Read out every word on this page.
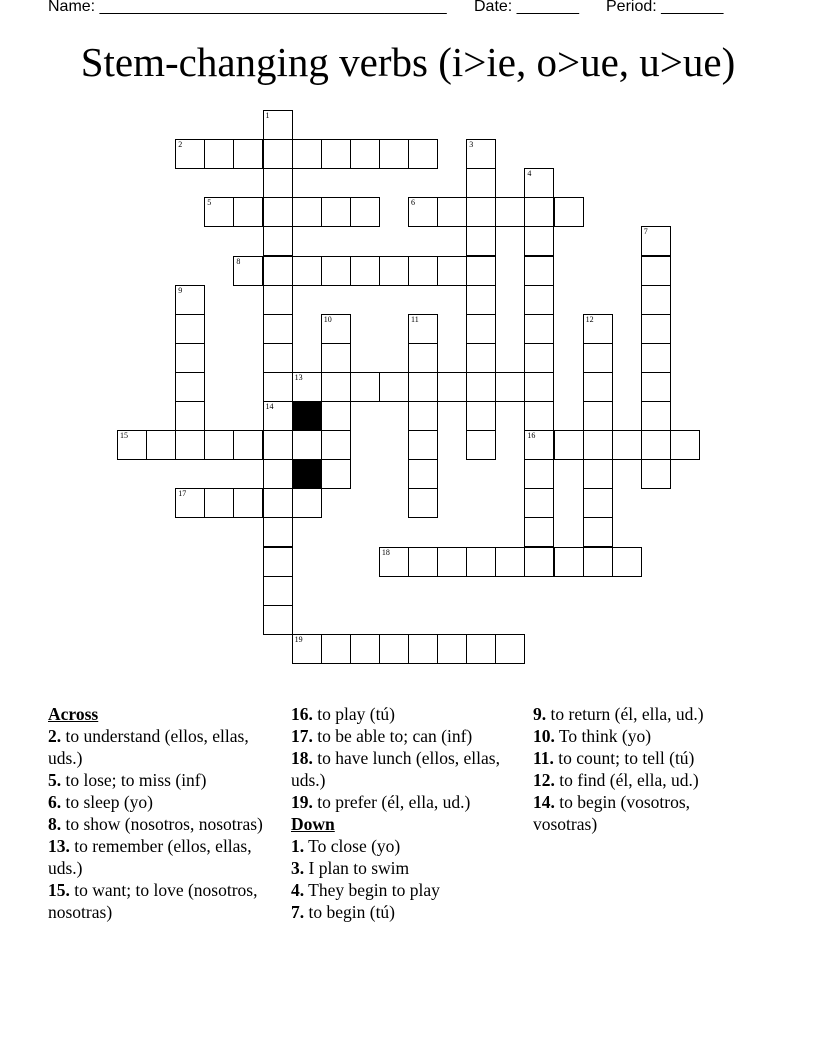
Name: _______________________________________ Date: _______ Period: _______
Stem-changing verbs (i>ie, o>ue, u>ue)
1
14
2	3
4
16
5	6
7
8
9
10	11	12
13
15
17
18
19
Across
2. to understand (ellos, ellas, uds.)
5. to lose; to miss (inf)
6. to sleep (yo)
8. to show (nosotros, nosotras)
13. to remember (ellos, ellas, uds.)
15. to want; to love (nosotros, nosotras)
16. to play (tú)
17. to be able to; can (inf)
18. to have lunch (ellos, ellas, uds.)
19. to prefer (él, ella, ud.)
Down
1. To close (yo)
3. I plan to swim
4. They begin to play
7. to begin (tú)
9. to return (él, ella, ud.)
10. To think (yo)
11. to count; to tell (tú)
12. to find (él, ella, ud.)
14. to begin (vosotros, vosotras)
